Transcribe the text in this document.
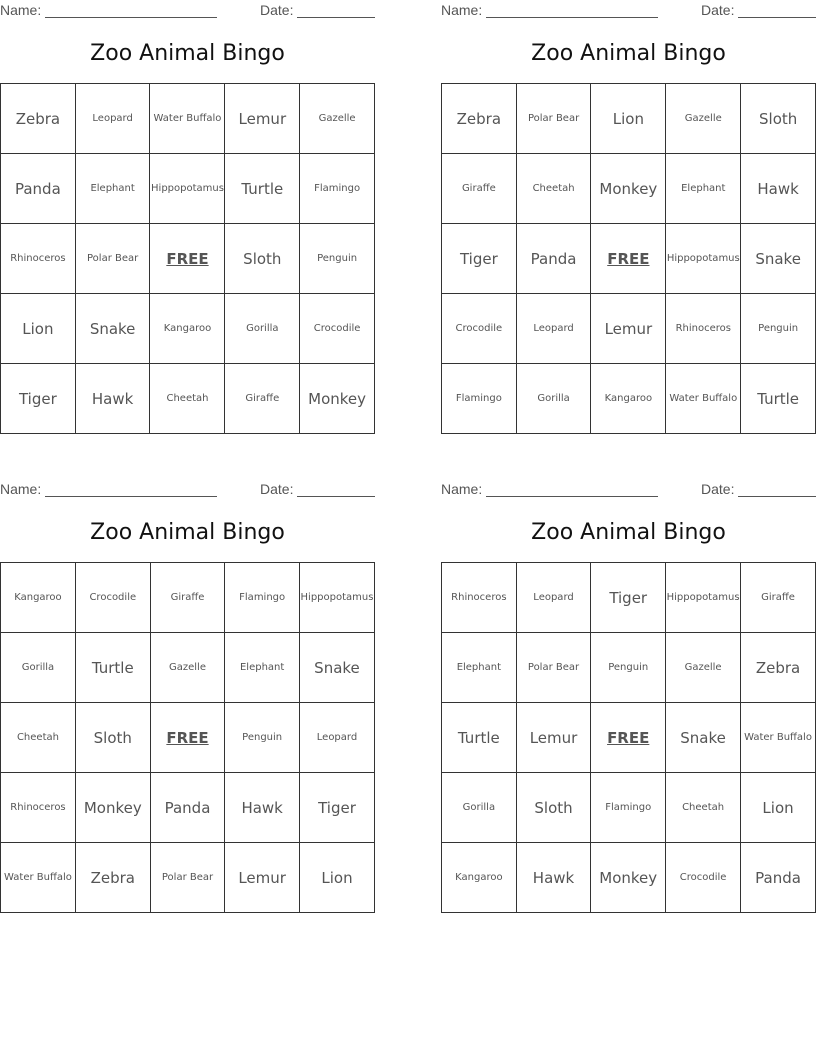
Name:	Date:
Zoo Animal Bingo
Zebra	Leopard	Water Buffalo	Lemur	Gazelle
Panda	Elephant	Hippopotamus	Turtle	Flamingo
Rhinoceros	Polar Bear	FREE	Sloth	Penguin
Lion	Snake	Kangaroo	Gorilla	Crocodile
Tiger	Hawk	Cheetah	Giraffe	Monkey
Name:	Date:
Zoo Animal Bingo
Zebra	Polar Bear	Lion	Gazelle	Sloth
Giraffe	Cheetah	Monkey	Elephant	Hawk
Tiger	Panda	FREE	Hippopotamus	Snake
Crocodile	Leopard	Lemur	Rhinoceros	Penguin
Flamingo	Gorilla	Kangaroo	Water Buffalo	Turtle
Name:	Date:
Zoo Animal Bingo
Kangaroo	Crocodile	Giraffe	Flamingo	Hippopotamus
Gorilla	Turtle	Gazelle	Elephant	Snake
Cheetah	Sloth	FREE	Penguin	Leopard
Rhinoceros	Monkey	Panda	Hawk	Tiger
Water Buffalo	Zebra	Polar Bear	Lemur	Lion
Name:	Date:
Zoo Animal Bingo
Rhinoceros	Leopard	Tiger	Hippopotamus	Giraffe
Elephant	Polar Bear	Penguin	Gazelle	Zebra
Turtle	Lemur	FREE	Snake	Water Buffalo
Gorilla	Sloth	Flamingo	Cheetah	Lion
Kangaroo	Hawk	Monkey	Crocodile	Panda
